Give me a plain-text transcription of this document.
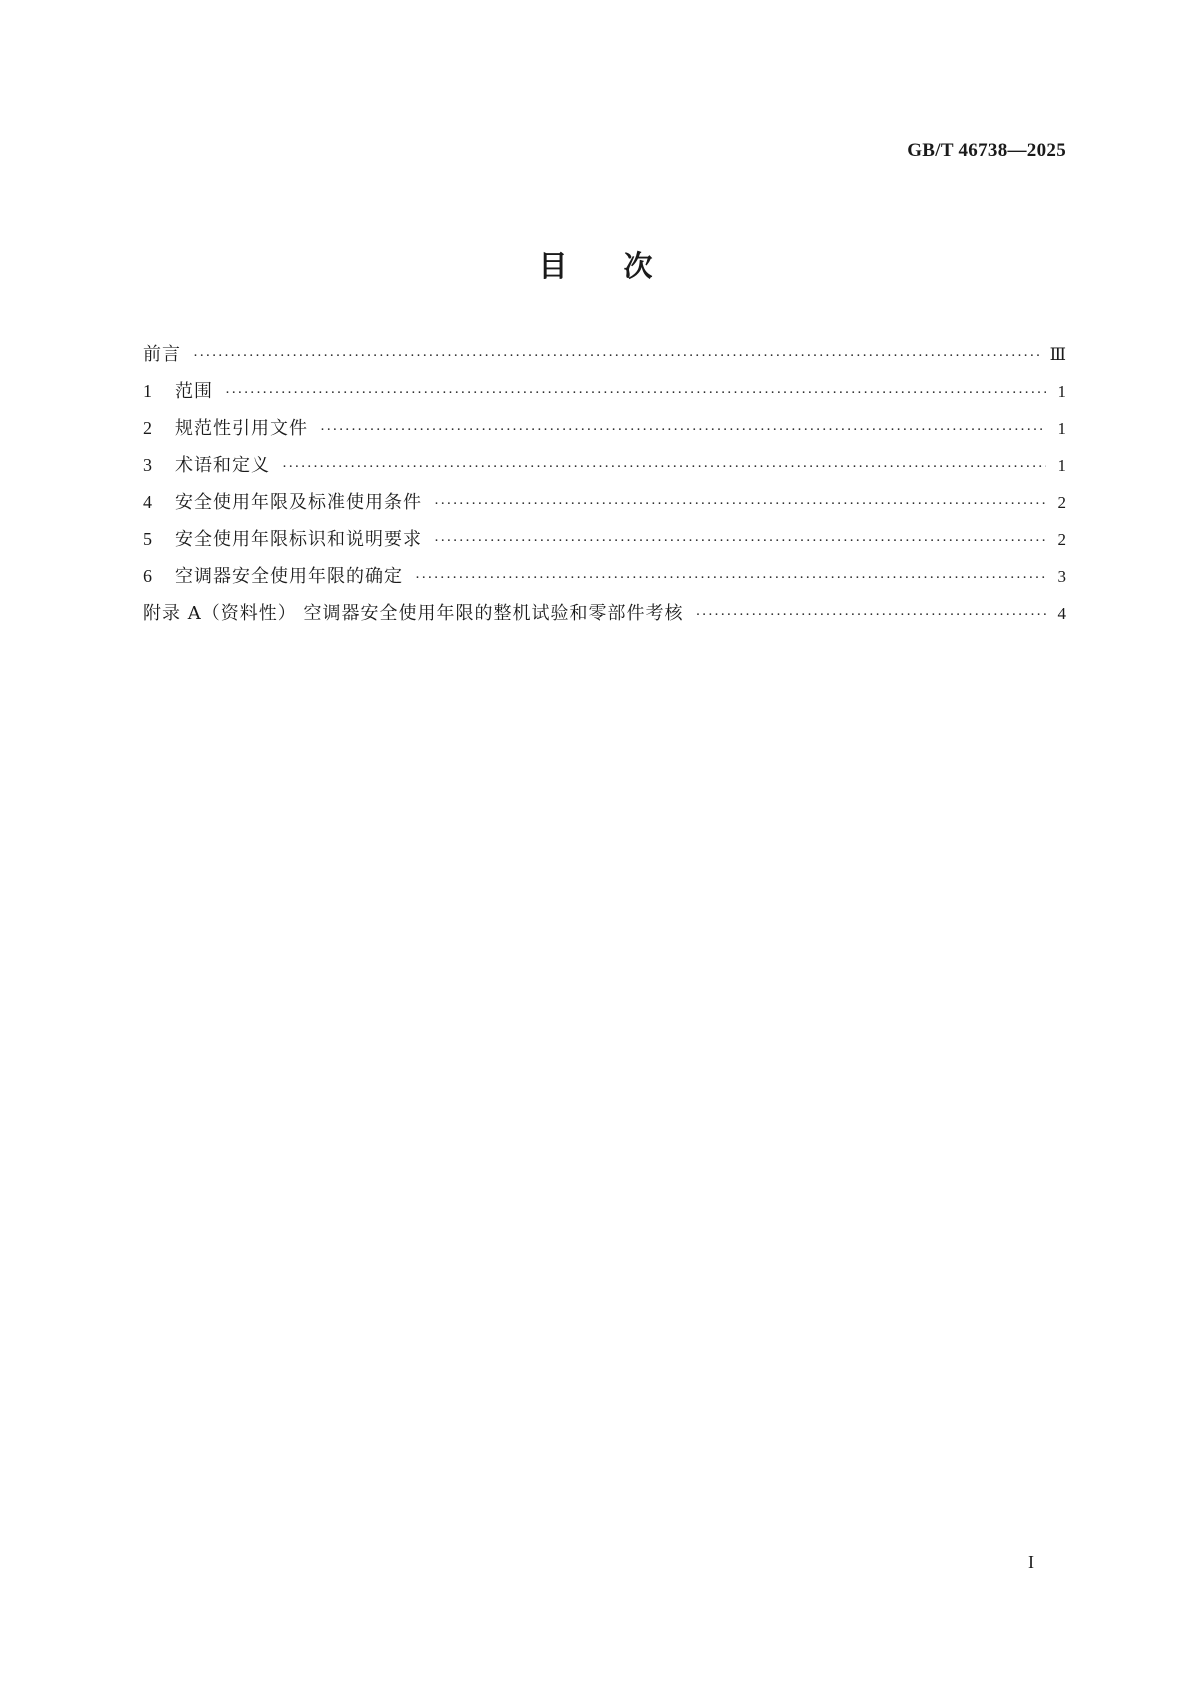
GB/T 46738—2025
目次
前言 ·····	Ⅲ
1	范围 ·····	1
2	规范性引用文件 ·····	1
3	术语和定义 ·····	1
4	安全使用年限及标准使用条件 ·····	2
5	安全使用年限标识和说明要求 ·····	2
6	空调器安全使用年限的确定 ·····	3
附录 A（资料性） 空调器安全使用年限的整机试验和零部件考核 ·····	4
I
